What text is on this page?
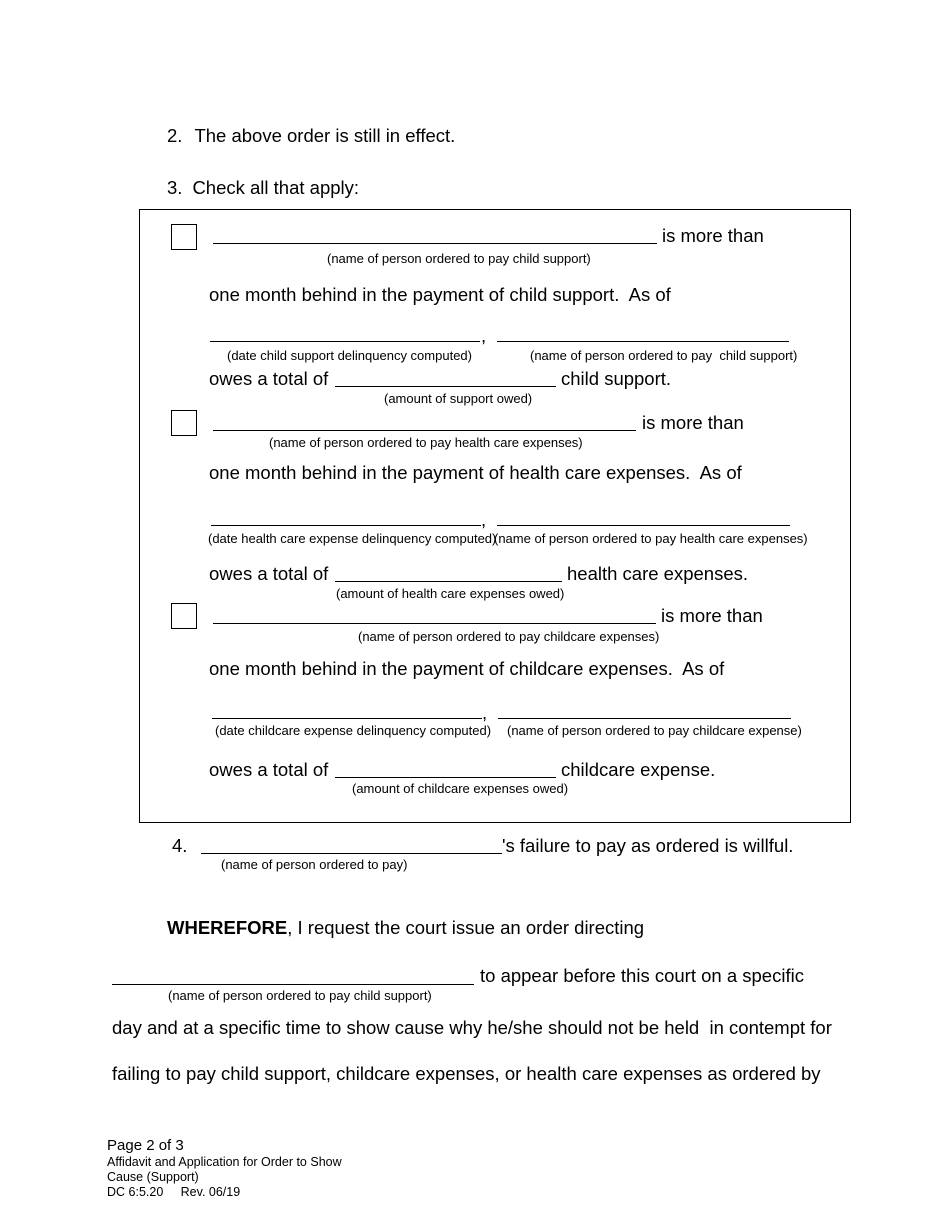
2. The above order is still in effect.
3. Check all that apply:
is more than
(name of person ordered to pay child support)
one month behind in the payment of child support.  As of
,
(date child support delinquency computed)	(name of person ordered to pay  child support)
owes a total of	child support.
(amount of support owed)
is more than
(name of person ordered to pay health care expenses)
one month behind in the payment of health care expenses.  As of
,
(date health care expense delinquency computed)
(name of person ordered to pay health care expenses)
owes a total of	health care expenses.
(amount of health care expenses owed)
is more than
(name of person ordered to pay childcare expenses)
one month behind in the payment of childcare expenses.  As of
,
(date childcare expense delinquency computed) (name of person ordered to pay childcare expense)
owes a total of	childcare expense.
(amount of childcare expenses owed)
4.	's failure to pay as ordered is willful.
(name of person ordered to pay)
WHEREFORE, I request the court issue an order directing
to appear before this court on a specific
(name of person ordered to pay child support)
day and at a specific time to show cause why he/she should not be held  in contempt for
failing to pay child support, childcare expenses, or health care expenses as ordered by
Page 2 of 3
Affidavit and Application for Order to Show
Cause (Support)
DC 6:5.20     Rev. 06/19
